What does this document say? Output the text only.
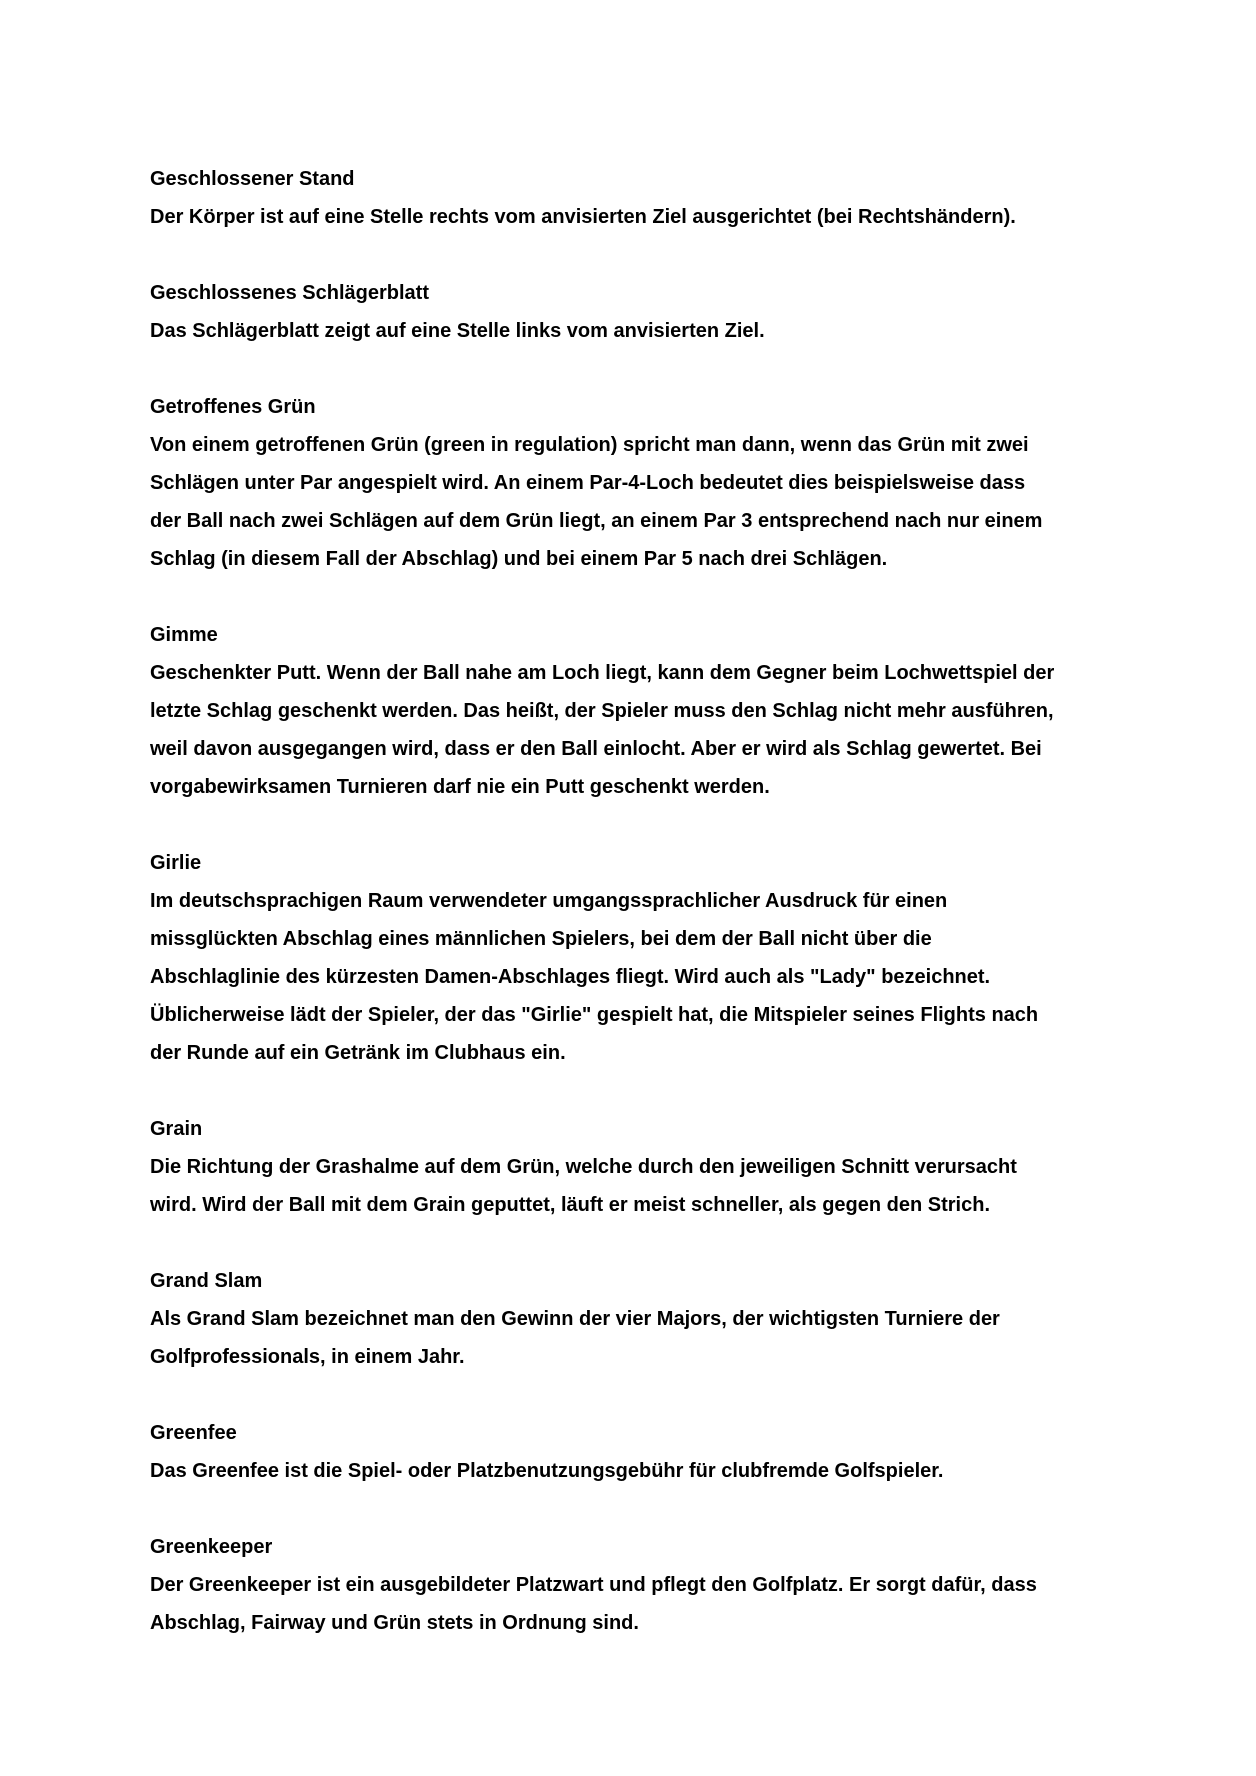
Geschlossener Stand

Der Körper ist auf eine Stelle rechts vom anvisierten Ziel ausgerichtet (bei Rechtshändern).

Geschlossenes Schlägerblatt

Das Schlägerblatt zeigt auf eine Stelle links vom anvisierten Ziel.

Getroffenes Grün

Von einem getroffenen Grün (green in regulation) spricht man dann, wenn das Grün mit zwei
Schlägen unter Par angespielt wird. An einem Par-4-Loch bedeutet dies beispielsweise dass
der Ball nach zwei Schlägen auf dem Grün liegt, an einem Par 3 entsprechend nach nur einem
Schlag (in diesem Fall der Abschlag) und bei einem Par 5 nach drei Schlägen.

Gimme

Geschenkter Putt. Wenn der Ball nahe am Loch liegt, kann dem Gegner beim Lochwettspiel der
letzte Schlag geschenkt werden. Das heißt, der Spieler muss den Schlag nicht mehr ausführen,
weil davon ausgegangen wird, dass er den Ball einlocht. Aber er wird als Schlag gewertet. Bei
vorgabewirksamen Turnieren darf nie ein Putt geschenkt werden.

Girlie

Im deutschsprachigen Raum verwendeter umgangssprachlicher Ausdruck für einen
missglückten Abschlag eines männlichen Spielers, bei dem der Ball nicht über die
Abschlaglinie des kürzesten Damen-Abschlages fliegt. Wird auch als "Lady" bezeichnet.
Üblicherweise lädt der Spieler, der das "Girlie" gespielt hat, die Mitspieler seines Flights nach
der Runde auf ein Getränk im Clubhaus ein.

Grain

Die Richtung der Grashalme auf dem Grün, welche durch den jeweiligen Schnitt verursacht
wird. Wird der Ball mit dem Grain geputtet, läuft er meist schneller, als gegen den Strich.

Grand Slam

Als Grand Slam bezeichnet man den Gewinn der vier Majors, der wichtigsten Turniere der
Golfprofessionals, in einem Jahr.

Greenfee

Das Greenfee ist die Spiel- oder Platzbenutzungsgebühr für clubfremde Golfspieler.

Greenkeeper

Der Greenkeeper ist ein ausgebildeter Platzwart und pflegt den Golfplatz. Er sorgt dafür, dass
Abschlag, Fairway und Grün stets in Ordnung sind.
